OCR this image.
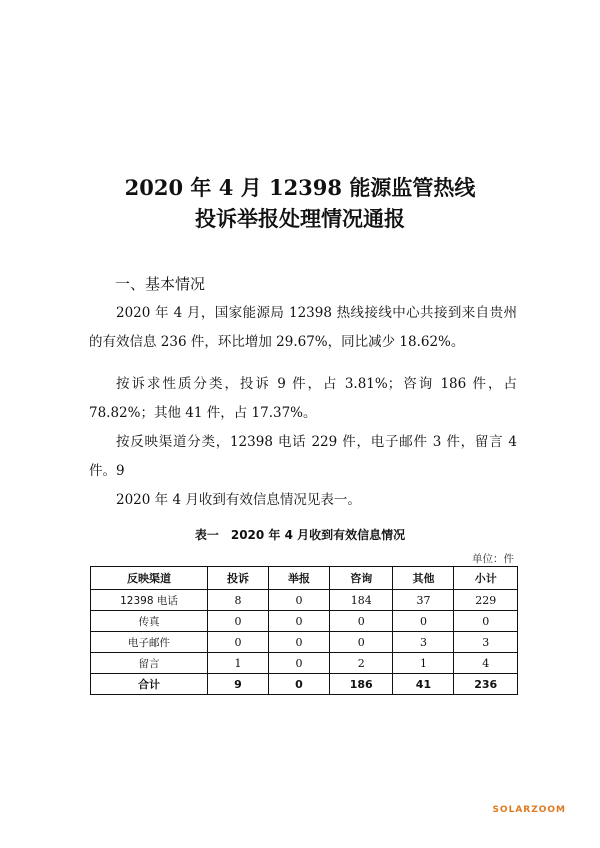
2020 年 4 月 12398 能源监管热线
投诉举报处理情况通报
一、基本情况

2020 年 4 月，国家能源局 12398 热线接线中心共接到来自贵州的有效信息 236 件，环比增加 29.67%，同比减少 18.62%。

按诉求性质分类，投诉 9 件，占 3.81%；咨询 186 件，占 78.82%；其他 41 件，占 17.37%。

按反映渠道分类，12398 电话 229 件，电子邮件 3 件，留言 4 件。9

2020 年 4 月收到有效信息情况见表一。

表一　2020 年 4 月收到有效信息情况
单位：件
反映渠道	投诉	举报	咨询	其他	小计
12398 电话	8	0	184	37	229
传真	0	0	0	0	0
电子邮件	0	0	0	3	3
留言	1	0	2	1	4
合计	9	0	186	41	236
SOLARZOOM
